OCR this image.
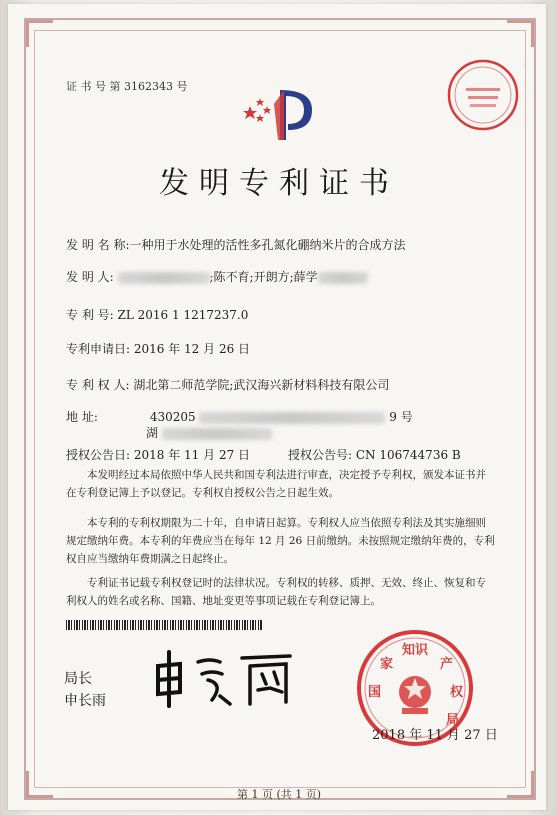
证 书 号 第 3162343 号
发明专利证书
发 明 名 称:一种用于水处理的活性多孔氮化硼纳米片的合成方法
发 明 人:	;陈不育;开朗方;薛学
专 利 号: ZL 2016 1 1217237.0
专利申请日: 2016 年 12 月 26 日
专 利 权 人: 湖北第二师范学院;武汉海兴新材料科技有限公司
地 址:	430205	9 号
湖
授权公告日: 2018 年 11 月 27 日	授权公告号: CN 106744736 B
本发明经过本局依照中华人民共和国专利法进行审查，决定授予专利权，颁发本证书并在专利登记簿上予以登记。专利权自授权公告之日起生效。
本专利的专利权期限为二十年，自申请日起算。专利权人应当依照专利法及其实施细则规定缴纳年费。本专利的年费应当在每年 12 月 26 日前缴纳。未按照规定缴纳年费的，专利权自应当缴纳年费期满之日起终止。
专利证书记载专利权登记时的法律状况。专利权的转移、质押、无效、终止、恢复和专利权人的姓名或名称、国籍、地址变更等事项记载在专利登记簿上。
局长
申长雨
知识
国	权
家	产
局
2018 年 11 月 27 日
第 1 页 (共 1 页)
